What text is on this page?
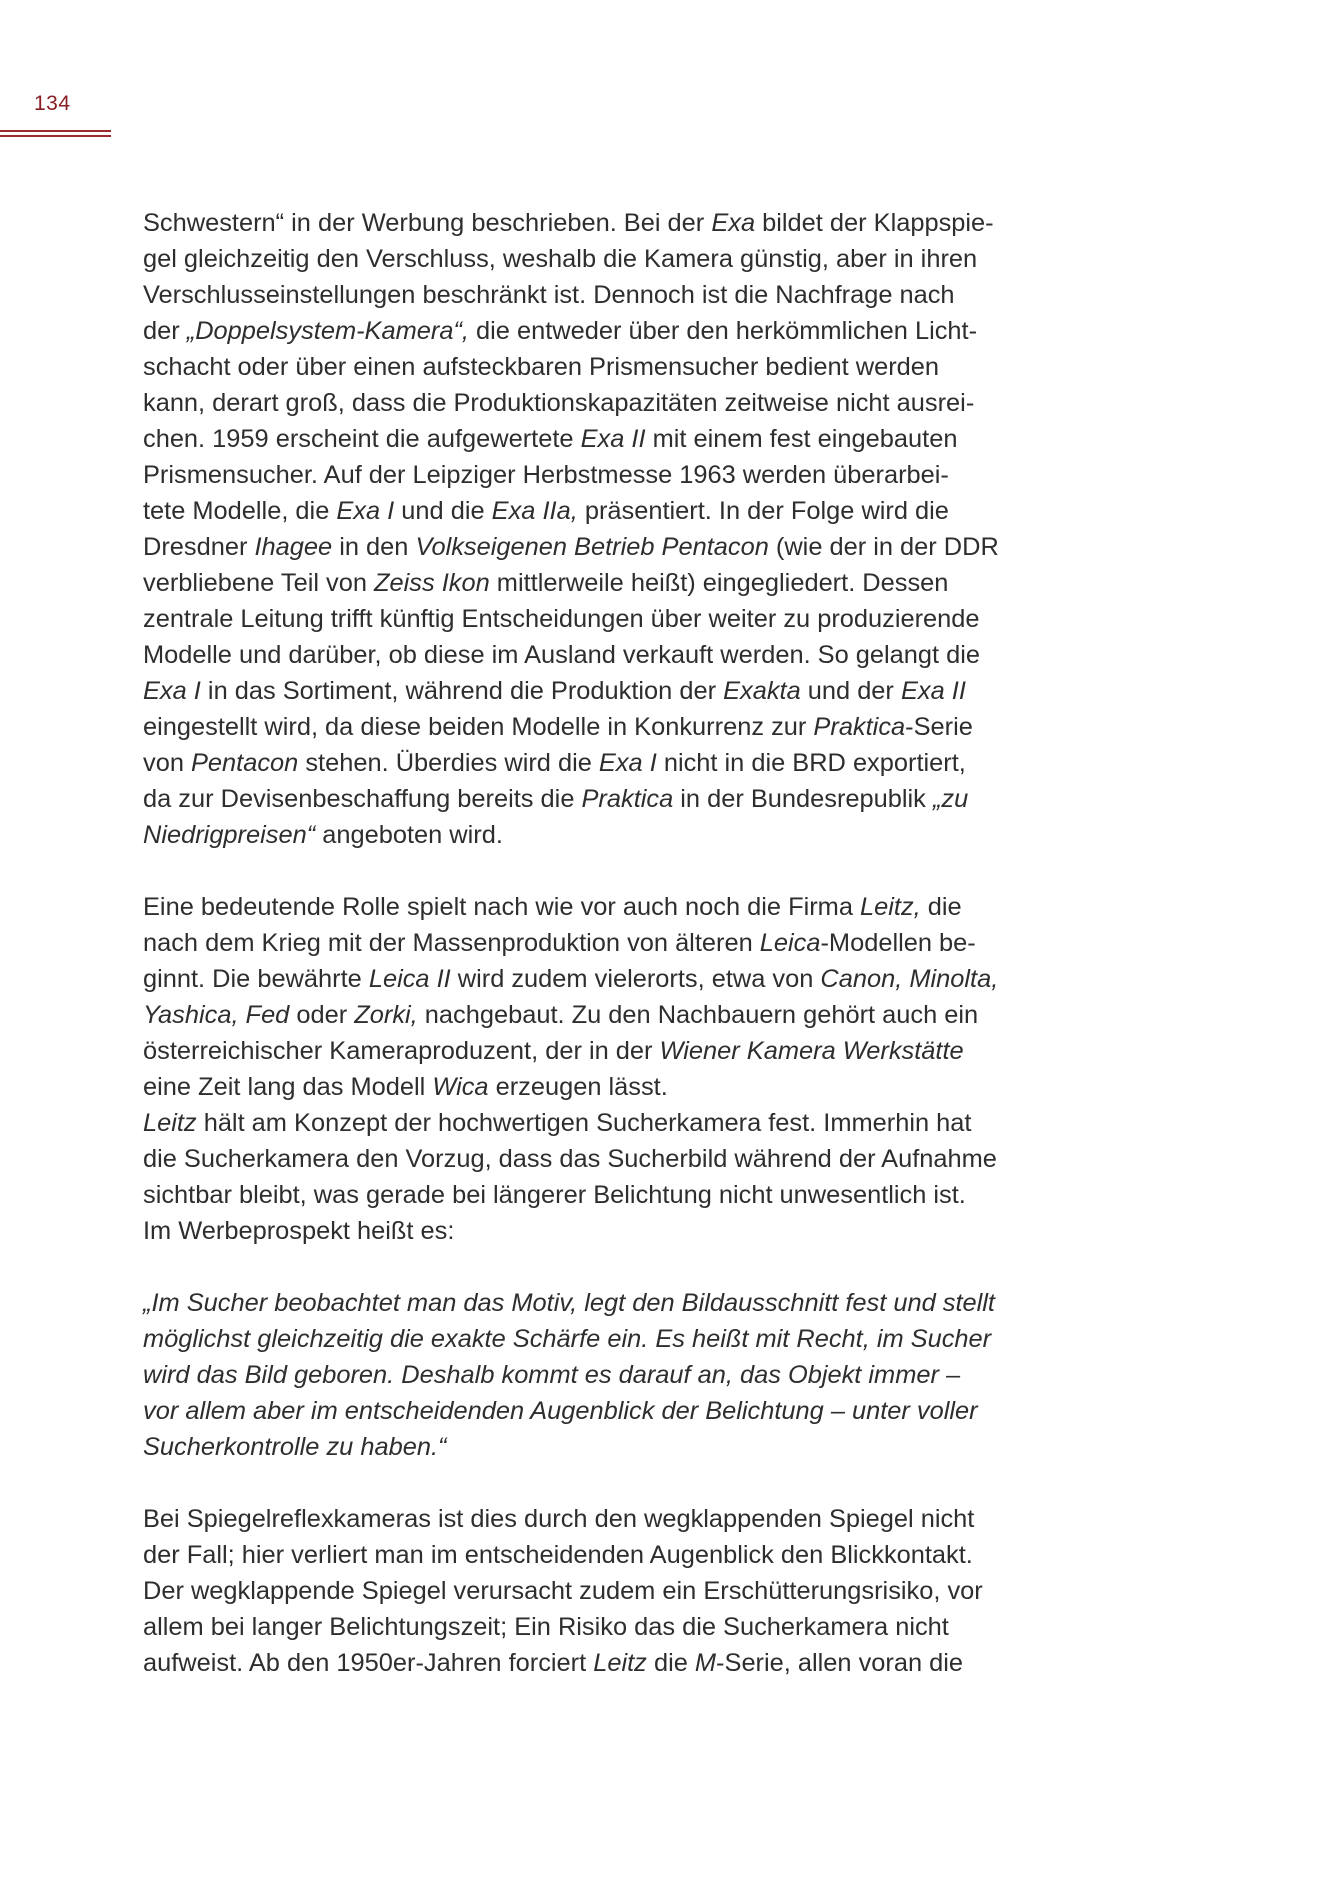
134
Schwestern“ in der Werbung beschrieben. Bei der Exa bildet der Klappspie-
gel gleichzeitig den Verschluss, weshalb die Kamera günstig, aber in ihren
Verschlusseinstellungen beschränkt ist. Dennoch ist die Nachfrage nach
der „Doppelsystem-Kamera“, die entweder über den herkömmlichen Licht-
schacht oder über einen aufsteckbaren Prismensucher bedient werden
kann, derart groß, dass die Produktionskapazitäten zeitweise nicht ausrei-
chen. 1959 erscheint die aufgewertete Exa II mit einem fest eingebauten
Prismensucher. Auf der Leipziger Herbstmesse 1963 werden überarbei-
tete Modelle, die Exa I und die Exa IIa, präsentiert. In der Folge wird die
Dresdner Ihagee in den Volkseigenen Betrieb Pentacon (wie der in der DDR
verbliebene Teil von Zeiss Ikon mittlerweile heißt) eingegliedert. Dessen
zentrale Leitung trifft künftig Entscheidungen über weiter zu produzierende
Modelle und darüber, ob diese im Ausland verkauft werden. So gelangt die
Exa I in das Sortiment, während die Produktion der Exakta und der Exa II
eingestellt wird, da diese beiden Modelle in Konkurrenz zur Praktica-Serie
von Pentacon stehen. Überdies wird die Exa I nicht in die BRD exportiert,
da zur Devisenbeschaffung bereits die Praktica in der Bundesrepublik „zu
Niedrigpreisen“ angeboten wird.
Eine bedeutende Rolle spielt nach wie vor auch noch die Firma Leitz, die
nach dem Krieg mit der Massenproduktion von älteren Leica-Modellen be-
ginnt. Die bewährte Leica II wird zudem vielerorts, etwa von Canon, Minolta,
Yashica, Fed oder Zorki, nachgebaut. Zu den Nachbauern gehört auch ein
österreichischer Kameraproduzent, der in der Wiener Kamera Werkstätte
eine Zeit lang das Modell Wica erzeugen lässt.
Leitz hält am Konzept der hochwertigen Sucherkamera fest. Immerhin hat
die Sucherkamera den Vorzug, dass das Sucherbild während der Aufnahme
sichtbar bleibt, was gerade bei längerer Belichtung nicht unwesentlich ist.
Im Werbeprospekt heißt es:
„Im Sucher beobachtet man das Motiv, legt den Bildausschnitt fest und stellt
möglichst gleichzeitig die exakte Schärfe ein. Es heißt mit Recht, im Sucher
wird das Bild geboren. Deshalb kommt es darauf an, das Objekt immer –
vor allem aber im entscheidenden Augenblick der Belichtung – unter voller
Sucherkontrolle zu haben.“
Bei Spiegelreflexkameras ist dies durch den wegklappenden Spiegel nicht
der Fall; hier verliert man im entscheidenden Augenblick den Blickkontakt.
Der wegklappende Spiegel verursacht zudem ein Erschütterungsrisiko, vor
allem bei langer Belichtungszeit; Ein Risiko das die Sucherkamera nicht
aufweist. Ab den 1950er-Jahren forciert Leitz die M-Serie, allen voran die
